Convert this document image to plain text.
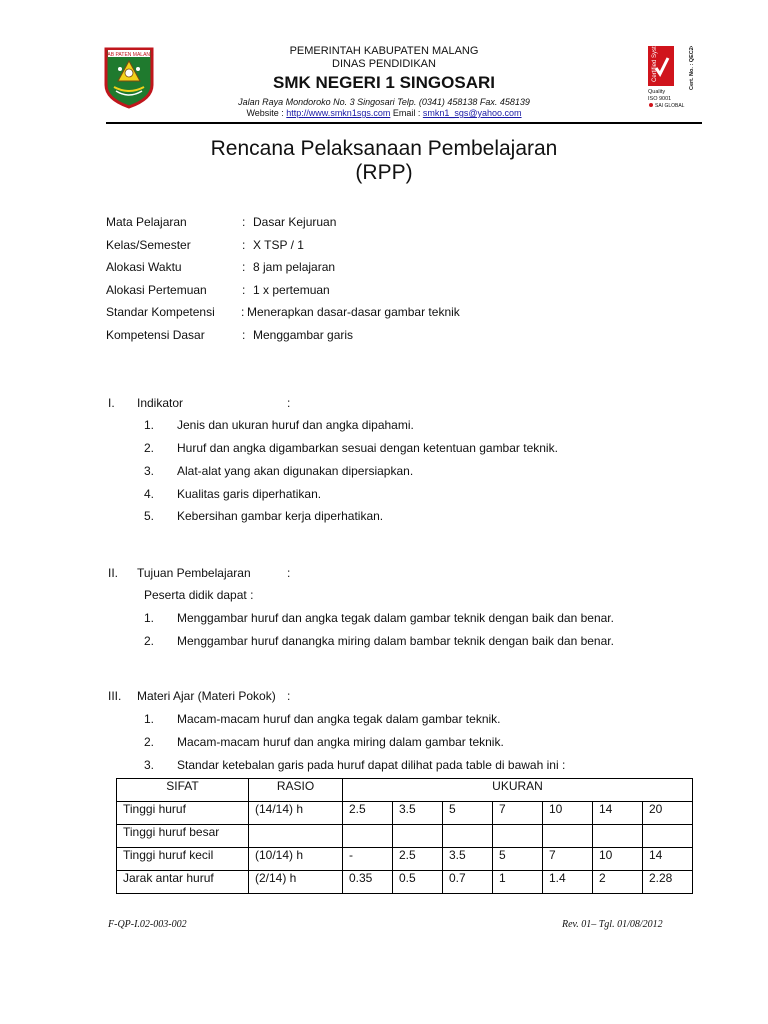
KAB PATEN MALANG	PEMERINTAH KABUPATEN MALANG
DINAS PENDIDIKAN
SMK NEGERI 1 SINGOSARI
Jalan Raya Mondoroko No. 3 Singosari Telp. (0341) 458138 Fax. 458139
Website : http://www.smkn1sgs.com Email : smkn1_sgs@yahoo.com
Certified System	Cert. No. : QEC24166
Quality
ISO 9001
SAI GLOBAL
Rencana Pelaksanaan Pembelajaran
(RPP)
Mata Pelajaran	: Dasar Kejuruan
Kelas/Semester	: X TSP / 1
Alokasi Waktu	: 8 jam pelajaran
Alokasi Pertemuan	: 1 x pertemuan
Standar Kompetensi	: Menerapkan dasar-dasar gambar teknik
Kompetensi Dasar	: Menggambar garis
I. Indikator	:
1. Jenis dan ukuran huruf dan angka dipahami.
2. Huruf dan angka digambarkan sesuai dengan ketentuan gambar teknik.
3. Alat-alat yang akan digunakan dipersiapkan.
4. Kualitas garis diperhatikan.
5. Kebersihan gambar kerja diperhatikan.
II. Tujuan Pembelajaran	:
Peserta didik dapat :
1. Menggambar huruf dan angka tegak dalam gambar teknik dengan baik dan benar.
2. Menggambar huruf danangka miring dalam bambar teknik dengan baik dan benar.
III. Materi Ajar (Materi Pokok) :
1. Macam-macam huruf dan angka tegak dalam gambar teknik.
2. Macam-macam huruf dan angka miring dalam gambar teknik.
3. Standar ketebalan garis pada huruf dapat dilihat pada table di bawah ini :
SIFAT	RASIO	UKURAN						
Tinggi huruf	(14/14) h	2.5	3.5	5	7	10	14	20
Tinggi huruf besar								
Tinggi huruf kecil	(10/14) h	-	2.5	3.5	5	7	10	14
Jarak antar huruf	(2/14) h	0.35	0.5	0.7	1	1.4	2	2.28
F-QP-I.02-003-002	Rev. 01– Tgl. 01/08/2012
